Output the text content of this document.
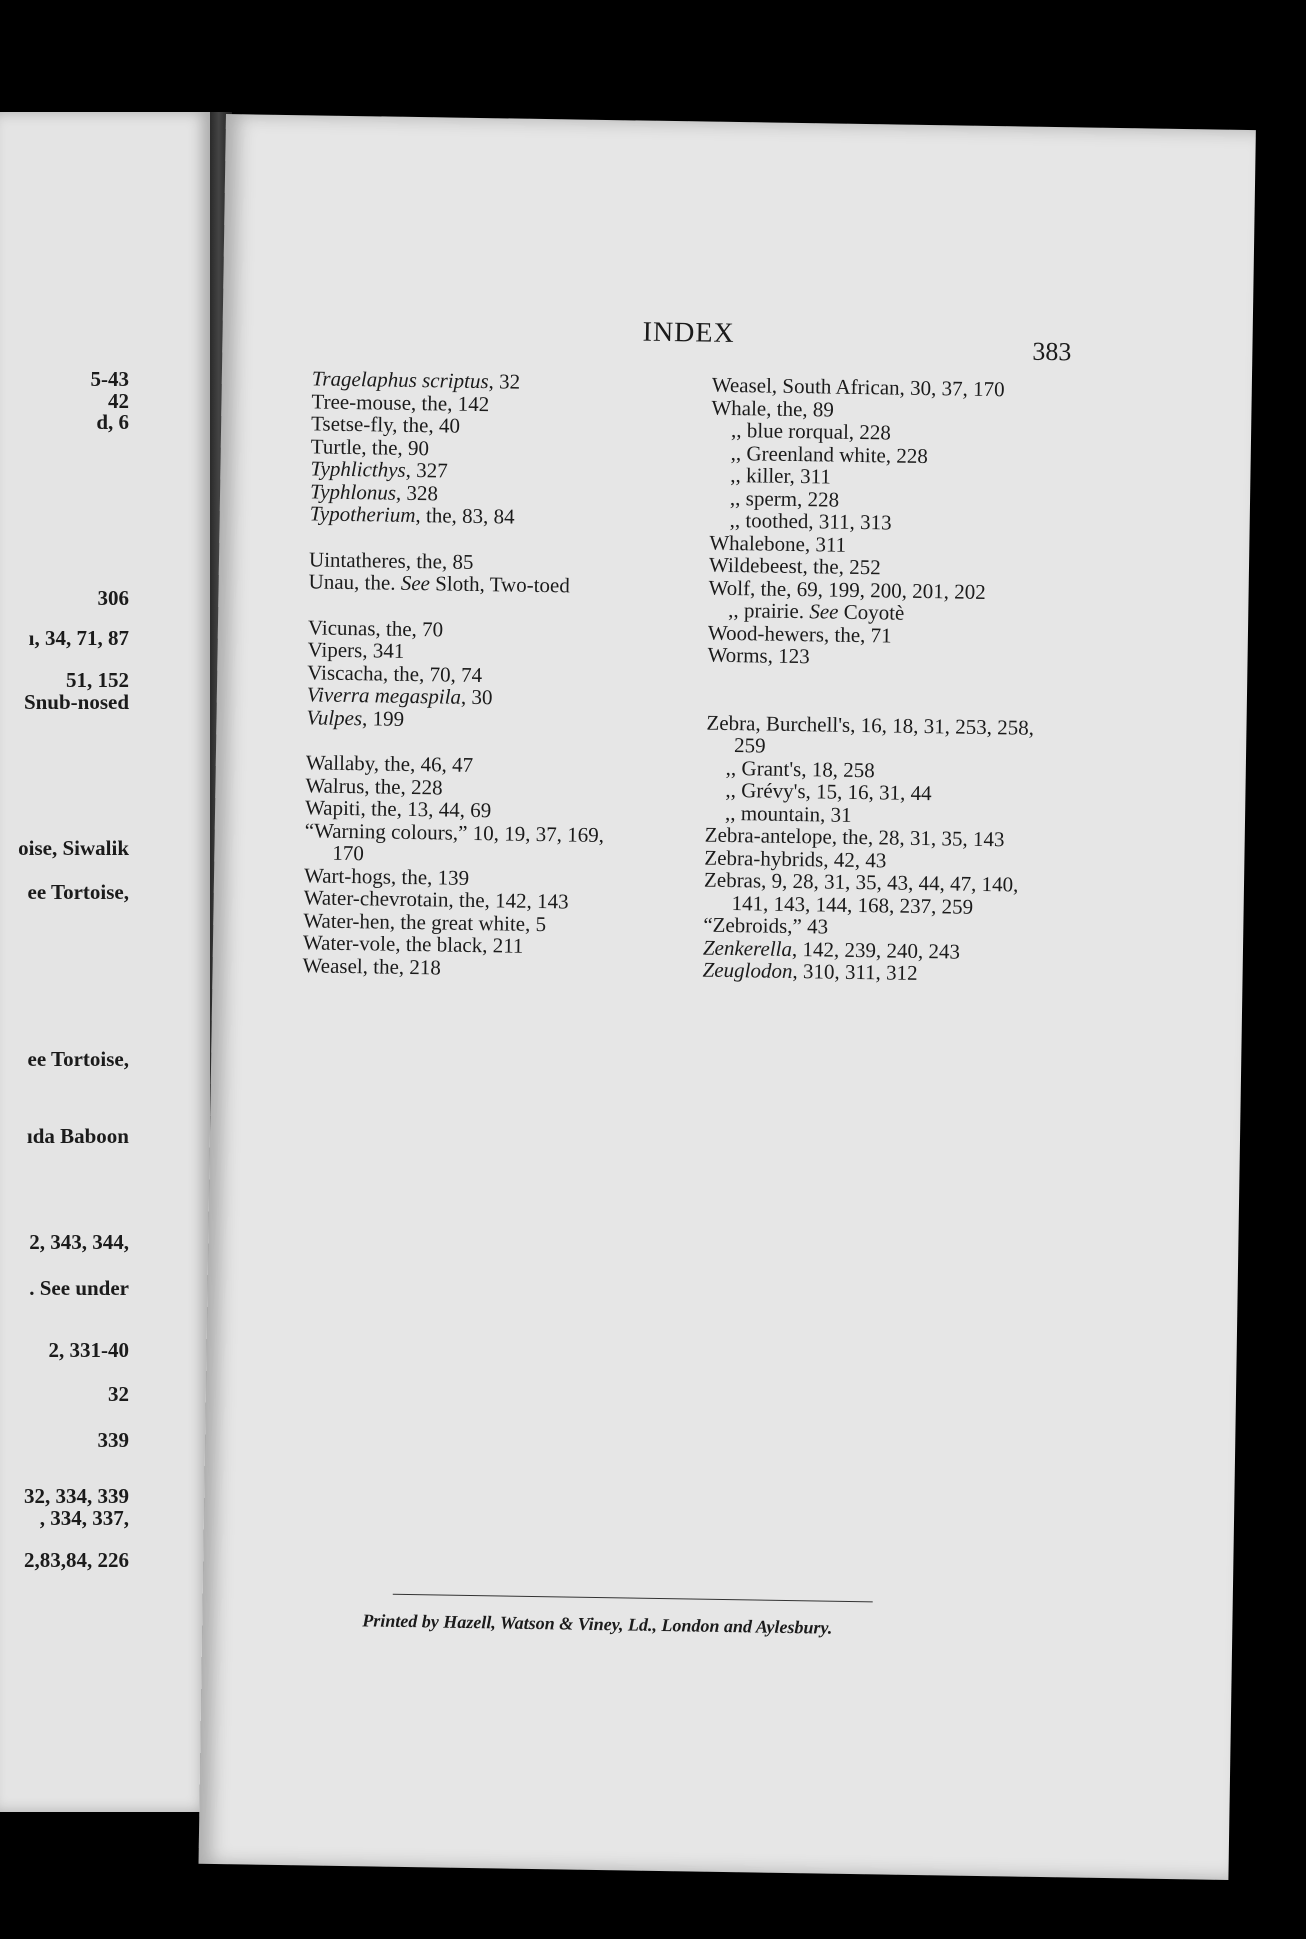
5-43
42
d, 6
306
ı, 34, 71, 87
51, 152
Snub-nosed
oise, Siwalik
ee Tortoise,
ee Tortoise,
ıda Baboon
2, 343, 344,
. See under
2, 331-40
32
339
32, 334, 339
, 334, 337,
2,83,84, 226
INDEX
383
Tragelaphus scriptus, 32
Tree-mouse, the, 142
Tsetse-fly, the, 40
Turtle, the, 90
Typhlicthys, 327
Typhlonus, 328
Typotherium, the, 83, 84
Uintatheres, the, 85
Unau, the. See Sloth, Two-toed
Vicunas, the, 70
Vipers, 341
Viscacha, the, 70, 74
Viverra megaspila, 30
Vulpes, 199
Wallaby, the, 46, 47
Walrus, the, 228
Wapiti, the, 13, 44, 69
“Warning colours,” 10, 19, 37, 169,
170
Wart-hogs, the, 139
Water-chevrotain, the, 142, 143
Water-hen, the great white, 5
Water-vole, the black, 211
Weasel, the, 218
Weasel, South African, 30, 37, 170
Whale, the, 89
,, blue rorqual, 228
,, Greenland white, 228
,, killer, 311
,, sperm, 228
,, toothed, 311, 313
Whalebone, 311
Wildebeest, the, 252
Wolf, the, 69, 199, 200, 201, 202
,, prairie. See Coyotè
Wood-hewers, the, 71
Worms, 123
Zebra, Burchell's, 16, 18, 31, 253, 258,
259
,, Grant's, 18, 258
,, Grévy's, 15, 16, 31, 44
,, mountain, 31
Zebra-antelope, the, 28, 31, 35, 143
Zebra-hybrids, 42, 43
Zebras, 9, 28, 31, 35, 43, 44, 47, 140,
141, 143, 144, 168, 237, 259
“Zebroids,” 43
Zenkerella, 142, 239, 240, 243
Zeuglodon, 310, 311, 312
Printed by Hazell, Watson & Viney, Ld., London and Aylesbury.
